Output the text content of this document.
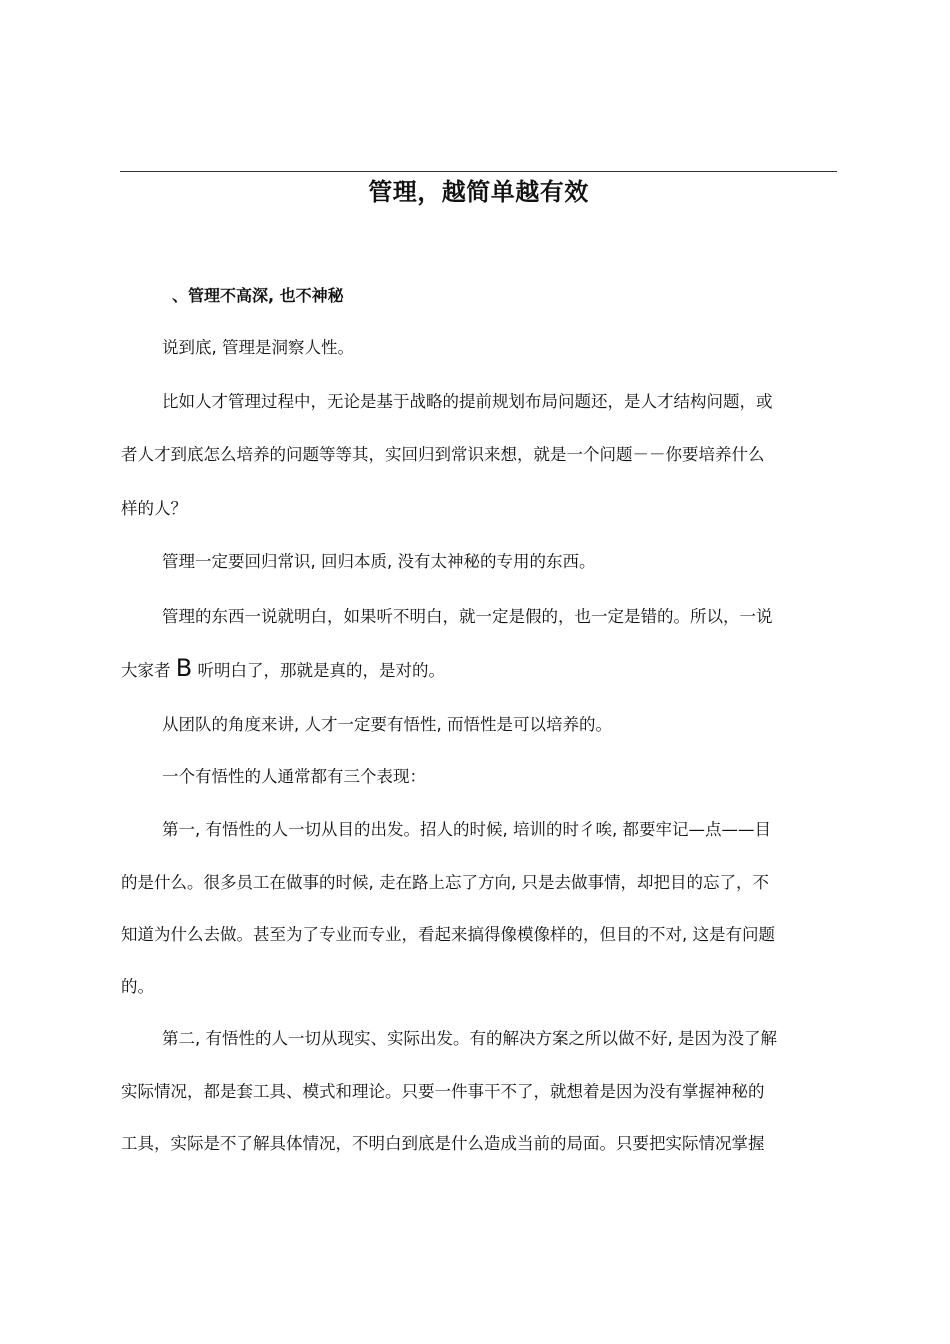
管理，越简单越有效
、管理不高深, 也不神秘
说到底, 管理是洞察人性。
比如人才管理过程中，无论是基于战略的提前规划布局问题还，是人才结构问题，或
者人才到底怎么培养的问题等等其，实回归到常识来想，就是一个问题－－你要培养什么
样的人？
管理一定要回归常识, 回归本质, 没有太神秘的专用的东西。
管理的东西一说就明白，如果听不明白，就一定是假的，也一定是错的。所以，一说
大家者 B 听明白了，那就是真的，是对的。
从团队的角度来讲, 人才一定要有悟性, 而悟性是可以培养的。
一个有悟性的人通常都有三个表现：
第一, 有悟性的人一切从目的出发。招人的时候, 培训的时彳唉, 都要牢记—点——目
的是什么。很多员工在做事的时候, 走在路上忘了方向, 只是去做事情，却把目的忘了，不
知道为什么去做。甚至为了专业而专业，看起来搞得像模像样的，但目的不对, 这是有问题
的。
第二, 有悟性的人一切从现实、实际出发。有的解决方案之所以做不好, 是因为没了解
实际情况，都是套工具、模式和理论。只要一件事干不了，就想着是因为没有掌握神秘的
工具，实际是不了解具体情况，不明白到底是什么造成当前的局面。只要把实际情况掌握
